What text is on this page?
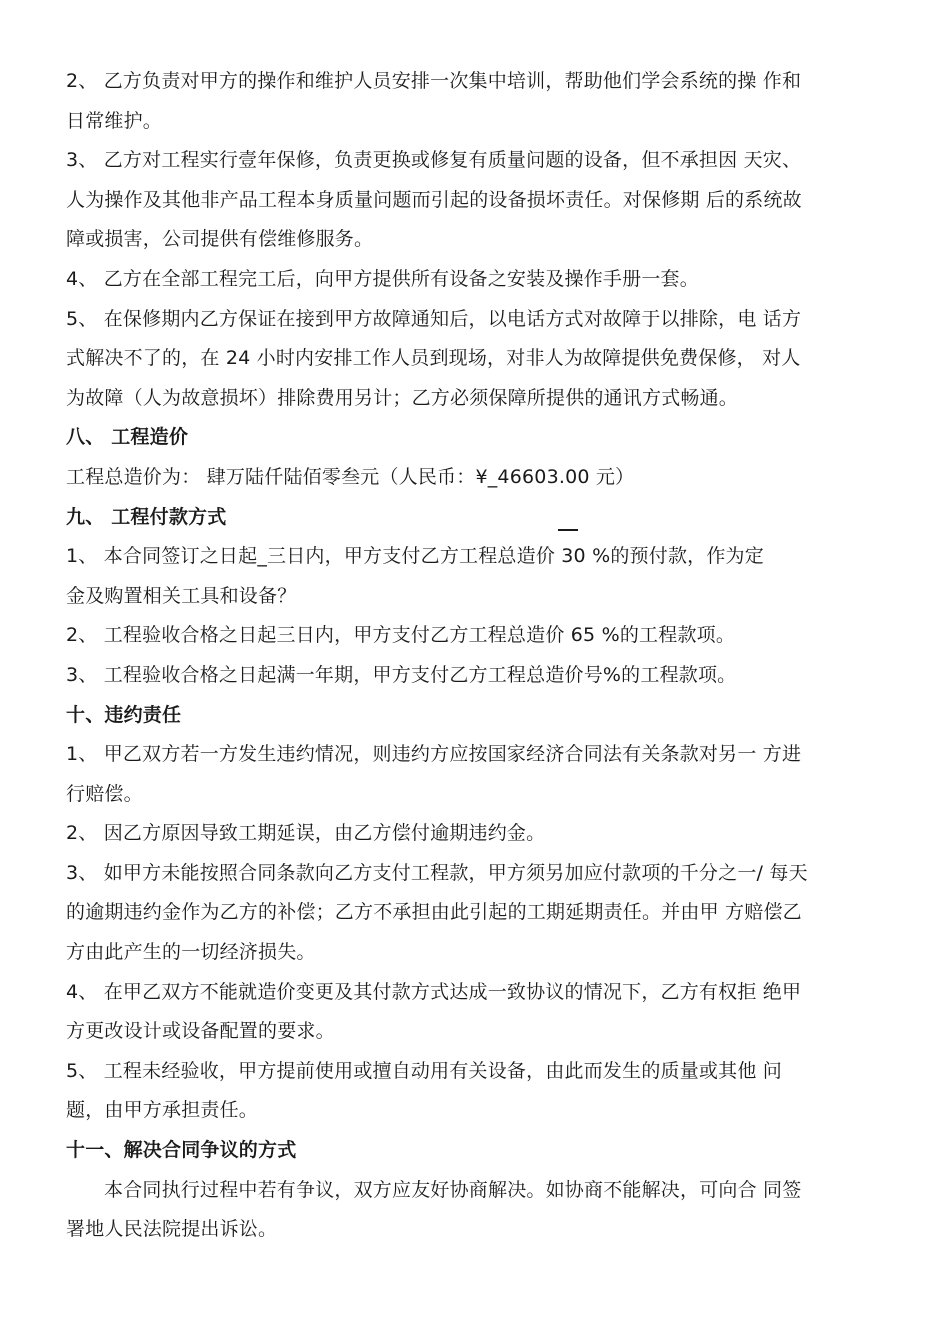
2、 乙方负责对甲方的操作和维护人员安排一次集中培训，帮助他们学会系统的操 作和
日常维护。
3、 乙方对工程实行壹年保修，负责更换或修复有质量问题的设备，但不承担因 天灾、
人为操作及其他非产品工程本身质量问题而引起的设备损坏责任。对保修期 后的系统故
障或损害，公司提供有偿维修服务。
4、 乙方在全部工程完工后，向甲方提供所有设备之安装及操作手册一套。
5、 在保修期内乙方保证在接到甲方故障通知后，以电话方式对故障于以排除，电 话方
式解决不了的，在 24 小时内安排工作人员到现场，对非人为故障提供免费保修， 对人
为故障（人为故意损坏）排除费用另计；乙方必须保障所提供的通讯方式畅通。
八、 工程造价
工程总造价为： 肆万陆仟陆佰零叁元（人民币：¥_46603.00 元）
九、 工程付款方式
1、 本合同签订之日起_三日内，甲方支付乙方工程总造价 30 %的预付款，作为定
金及购置相关工具和设备？
2、 工程验收合格之日起三日内，甲方支付乙方工程总造价 65 %的工程款项。
3、 工程验收合格之日起满一年期，甲方支付乙方工程总造价号%的工程款项。
十、违约责任
1、 甲乙双方若一方发生违约情况，则违约方应按国家经济合同法有关条款对另一 方进
行赔偿。
2、 因乙方原因导致工期延误，由乙方偿付逾期违约金。
3、 如甲方未能按照合同条款向乙方支付工程款，甲方须另加应付款项的千分之一/ 每天
的逾期违约金作为乙方的补偿；乙方不承担由此引起的工期延期责任。并由甲 方赔偿乙
方由此产生的一切经济损失。
4、 在甲乙双方不能就造价变更及其付款方式达成一致协议的情况下，乙方有权拒 绝甲
方更改设计或设备配置的要求。
5、 工程未经验收，甲方提前使用或擅自动用有关设备，由此而发生的质量或其他 问
题，由甲方承担责任。
十一、解决合同争议的方式
本合同执行过程中若有争议，双方应友好协商解决。如协商不能解决，可向合 同签
署地人民法院提出诉讼。
